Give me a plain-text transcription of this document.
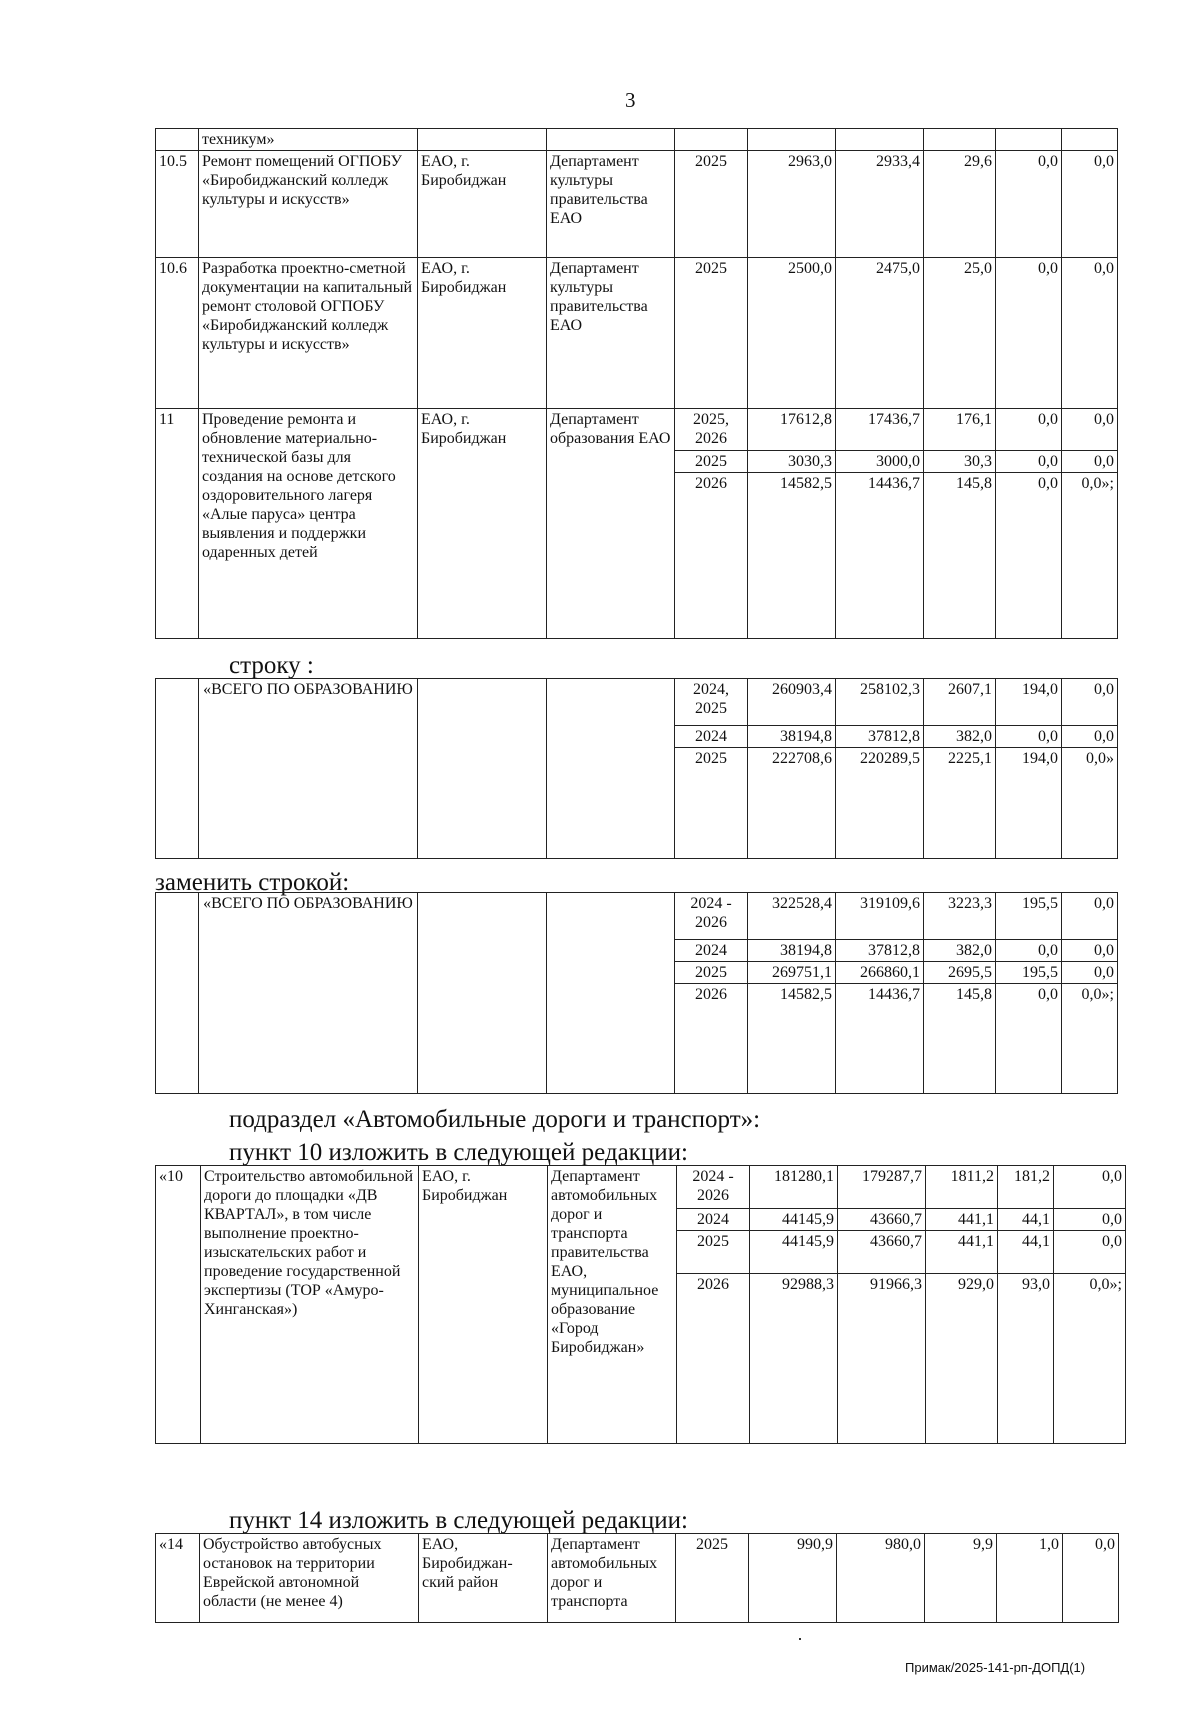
3
	техникум»								
10.5	Ремонт помещений ОГПОБУ «Биробиджанский колледж культуры и искусств»	ЕАО, г. Биробиджан	Департамент культуры правительства ЕАО	2025	2963,0	2933,4	29,6	0,0	0,0
10.6	Разработка проектно-сметной документации на капитальный ремонт столовой ОГПОБУ «Биробиджанский колледж культуры и искусств»	ЕАО, г. Биробиджан	Департамент культуры правительства ЕАО	2025	2500,0	2475,0	25,0	0,0	0,0
11	Проведение ремонта и обновление материально-технической базы для создания на основе детского оздоровительного лагеря «Алые паруса» центра выявления и поддержки одаренных детей	ЕАО, г. Биробиджан	Департамент образования ЕАО	2025, 2026	17612,8	17436,7	176,1	0,0	0,0
				2025	3030,3	3000,0	30,3	0,0	0,0
				2026	14582,5	14436,7	145,8	0,0	0,0»;
строку :
	«ВСЕГО ПО ОБРАЗОВАНИЮ			2024, 2025	260903,4	258102,3	2607,1	194,0	0,0
				2024	38194,8	37812,8	382,0	0,0	0,0
				2025	222708,6	220289,5	2225,1	194,0	0,0»
заменить строкой:
	«ВСЕГО ПО ОБРАЗОВАНИЮ			2024 - 2026	322528,4	319109,6	3223,3	195,5	0,0
				2024	38194,8	37812,8	382,0	0,0	0,0
				2025	269751,1	266860,1	2695,5	195,5	0,0
				2026	14582,5	14436,7	145,8	0,0	0,0»;
подраздел «Автомобильные дороги и транспорт»:
пункт 10 изложить в следующей редакции:
«10	Строительство автомобильной дороги до площадки «ДВ КВАРТАЛ», в том числе выполнение проектно-изыскательских работ и проведение государственной экспертизы (ТОР «Амуро-Хинганская»)	ЕАО, г. Биробиджан	Департамент автомобильных дорог и транспорта правительства ЕАО, муниципальное образование «Город Биробиджан»	2024 - 2026	181280,1	179287,7	1811,2	181,2	0,0
				2024	44145,9	43660,7	441,1	44,1	0,0
				2025	44145,9	43660,7	441,1	44,1	0,0
				2026	92988,3	91966,3	929,0	93,0	0,0»;
пункт 14 изложить в следующей редакции:
«14	Обустройство автобусных остановок на территории Еврейской автономной области (не менее 4)	ЕАО, Биробиджан-ский район	Департамент автомобильных дорог и транспорта	2025	990,9	980,0	9,9	1,0	0,0
Примак/2025-141-рп-ДОПД(1)
